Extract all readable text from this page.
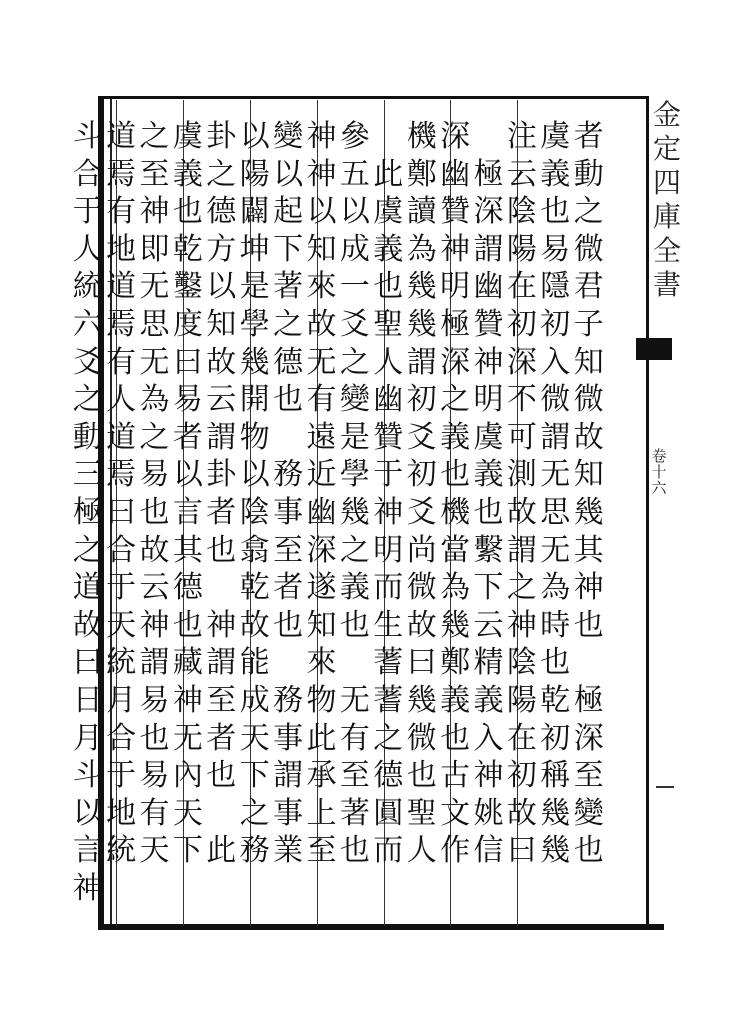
金
定
四
庫
全
書
卷
十
六
者
動
之
微
君
子
知
微
故
知
幾
其
神
也
極
深
至
變
也
虞
義
也
易
隱
初
入
微
謂
无
思
无
為
時
也
乾
初
稱
幾
幾
注
云
陰
陽
在
初
深
不
可
測
故
謂
之
神
陰
陽
在
初
故
曰
極
深
謂
幽
贊
神
明
虞
義
也
繫
下
云
精
義
入
神
姚
信
深
幽
贊
神
明
極
深
之
義
也
機
當
為
幾
鄭
義
也
古
文
作
機
鄭
讀
為
幾
幾
謂
初
爻
初
爻
尚
微
故
曰
幾
微
也
聖
人
此
虞
義
也
聖
人
幽
贊
于
神
明
而
生
蓍
蓍
之
德
圓
而
參
五
以
成
一
爻
之
變
是
學
幾
之
義
也
无
有
至
著
也
神
神
以
知
來
故
无
有
遠
近
幽
深
遂
知
來
物
此
承
上
至
變
以
起
下
著
之
德
也
務
事
至
者
也
務
事
謂
事
業
以
陽
闢
坤
是
學
幾
開
物
以
陰
翕
乾
故
能
成
天
下
之
務
卦
之
德
方
以
知
故
云
謂
卦
者
也
神
謂
至
者
也
此
虞
義
也
乾
鑿
度
曰
易
者
以
言
其
德
也
藏
神
无
內
天
下
之
至
神
即
无
思
无
為
之
易
也
故
云
神
謂
易
也
易
有
天
道
焉
有
地
道
焉
有
人
道
焉
曰
合
于
天
統
月
合
于
地
統
斗
合
于
人
統
六
爻
之
動
三
極
之
道
故
曰
日
月
斗
以
言
神
